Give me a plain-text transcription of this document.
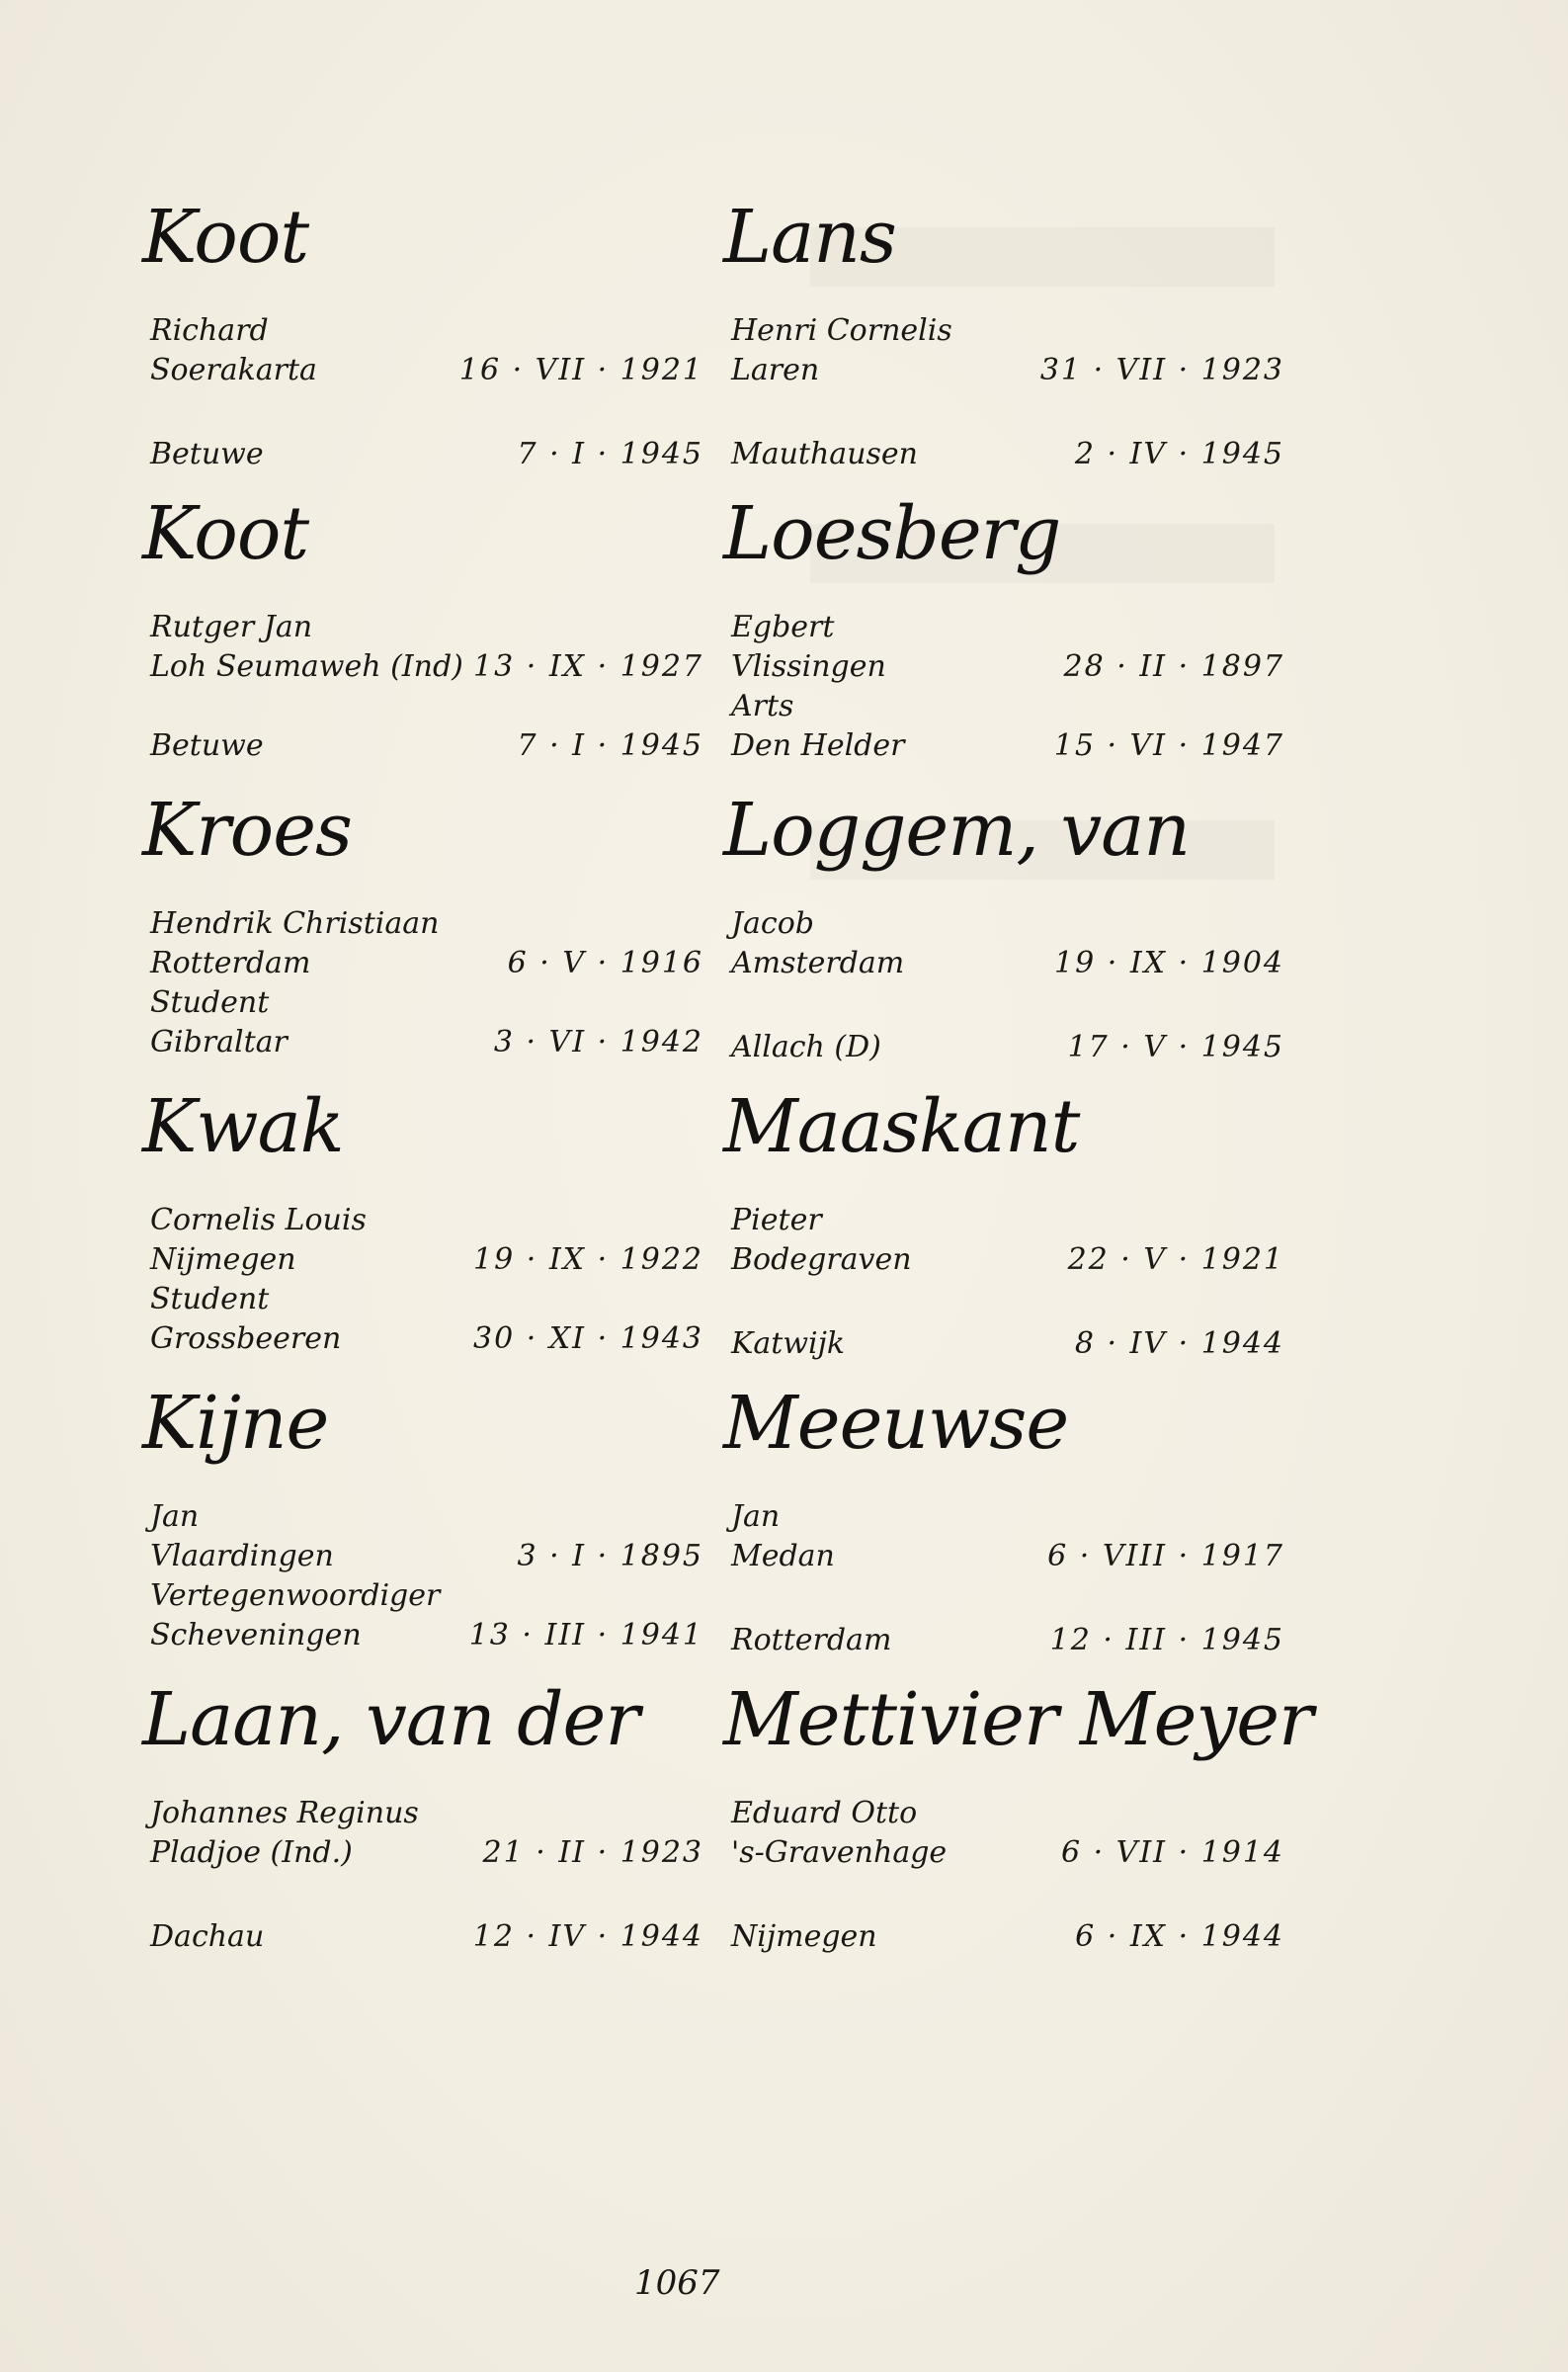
Koot
Richard
Soerakarta	16 · VII · 1921
Betuwe	7 · I · 1945
Koot
Rutger Jan
Loh Seumaweh (Ind) 13 · IX · 1927
Betuwe	7 · I · 1945
Kroes
Hendrik Christiaan
Rotterdam	6 · V · 1916
Student
Gibraltar	3 · VI · 1942
Kwak
Cornelis Louis
Nijmegen	19 · IX · 1922
Student
Grossbeeren	30 · XI · 1943
Kijne
Jan
Vlaardingen	3 · I · 1895
Vertegenwoordiger
Scheveningen	13 · III · 1941
Laan, van der
Johannes Reginus
Pladjoe (Ind.)	21 · II · 1923
Dachau	12 · IV · 1944
Lans
Henri Cornelis
Laren	31 · VII · 1923
Mauthausen	2 · IV · 1945
Loesberg
Egbert
Vlissingen	28 · II · 1897
Arts
Den Helder	15 · VI · 1947
Loggem, van
Jacob
Amsterdam	19 · IX · 1904
Allach (D)	17 · V · 1945
Maaskant
Pieter
Bodegraven	22 · V · 1921
Katwijk	8 · IV · 1944
Meeuwse
Jan
Medan	6 · VIII · 1917
Rotterdam	12 · III · 1945
Mettivier Meyer
Eduard Otto
's-Gravenhage	6 · VII · 1914
Nijmegen	6 · IX · 1944
1067
